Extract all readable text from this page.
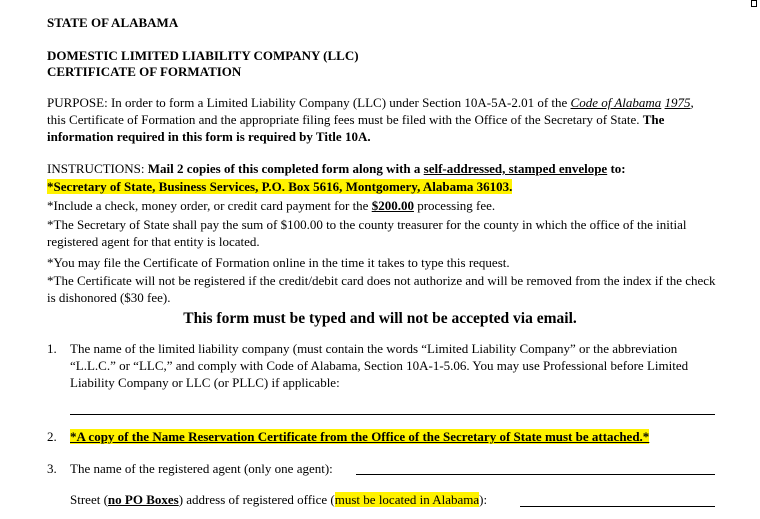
STATE OF ALABAMA
DOMESTIC LIMITED LIABILITY COMPANY (LLC)
CERTIFICATE OF FORMATION
PURPOSE: In order to form a Limited Liability Company (LLC) under Section 10A-5A-2.01 of the Code of Alabama 1975, this Certificate of Formation and the appropriate filing fees must be filed with the Office of the Secretary of State. The information required in this form is required by Title 10A.
INSTRUCTIONS: Mail 2 copies of this completed form along with a self-addressed, stamped envelope to:
*Secretary of State, Business Services, P.O. Box 5616, Montgomery, Alabama 36103.
*Include a check, money order, or credit card payment for the $200.00 processing fee.
*The Secretary of State shall pay the sum of $100.00 to the county treasurer for the county in which the office of the initial registered agent for that entity is located.
*You may file the Certificate of Formation online in the time it takes to type this request.
*The Certificate will not be registered if the credit/debit card does not authorize and will be removed from the index if the check is dishonored ($30 fee).
This form must be typed and will not be accepted via email.
1. The name of the limited liability company (must contain the words “Limited Liability Company” or the abbreviation “L.L.C.” or “LLC,” and comply with Code of Alabama, Section 10A-1-5.06. You may use Professional before Limited Liability Company or LLC (or PLLC) if applicable:
2. *A copy of the Name Reservation Certificate from the Office of the Secretary of State must be attached.*
3. The name of the registered agent (only one agent):
Street (no PO Boxes) address of registered office (must be located in Alabama):
